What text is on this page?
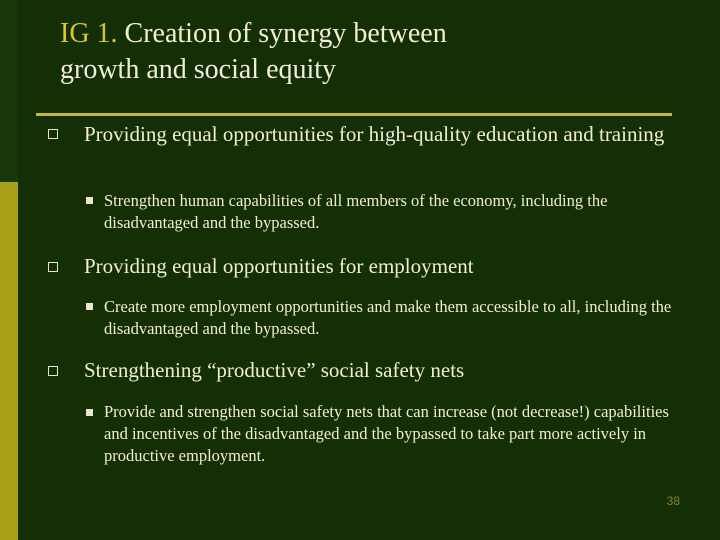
IG 1. Creation of synergy between
growth and social equity
Providing equal opportunities for high-quality education and training
Strengthen human capabilities of all members of the economy, including the disadvantaged and the bypassed.
Providing equal opportunities for employment
Create more employment opportunities and make them accessible to all, including the disadvantaged and the bypassed.
Strengthening “productive” social safety nets
Provide and strengthen social safety nets that can increase (not decrease!) capabilities and incentives of the disadvantaged and the bypassed to take part more actively in productive employment.
38
